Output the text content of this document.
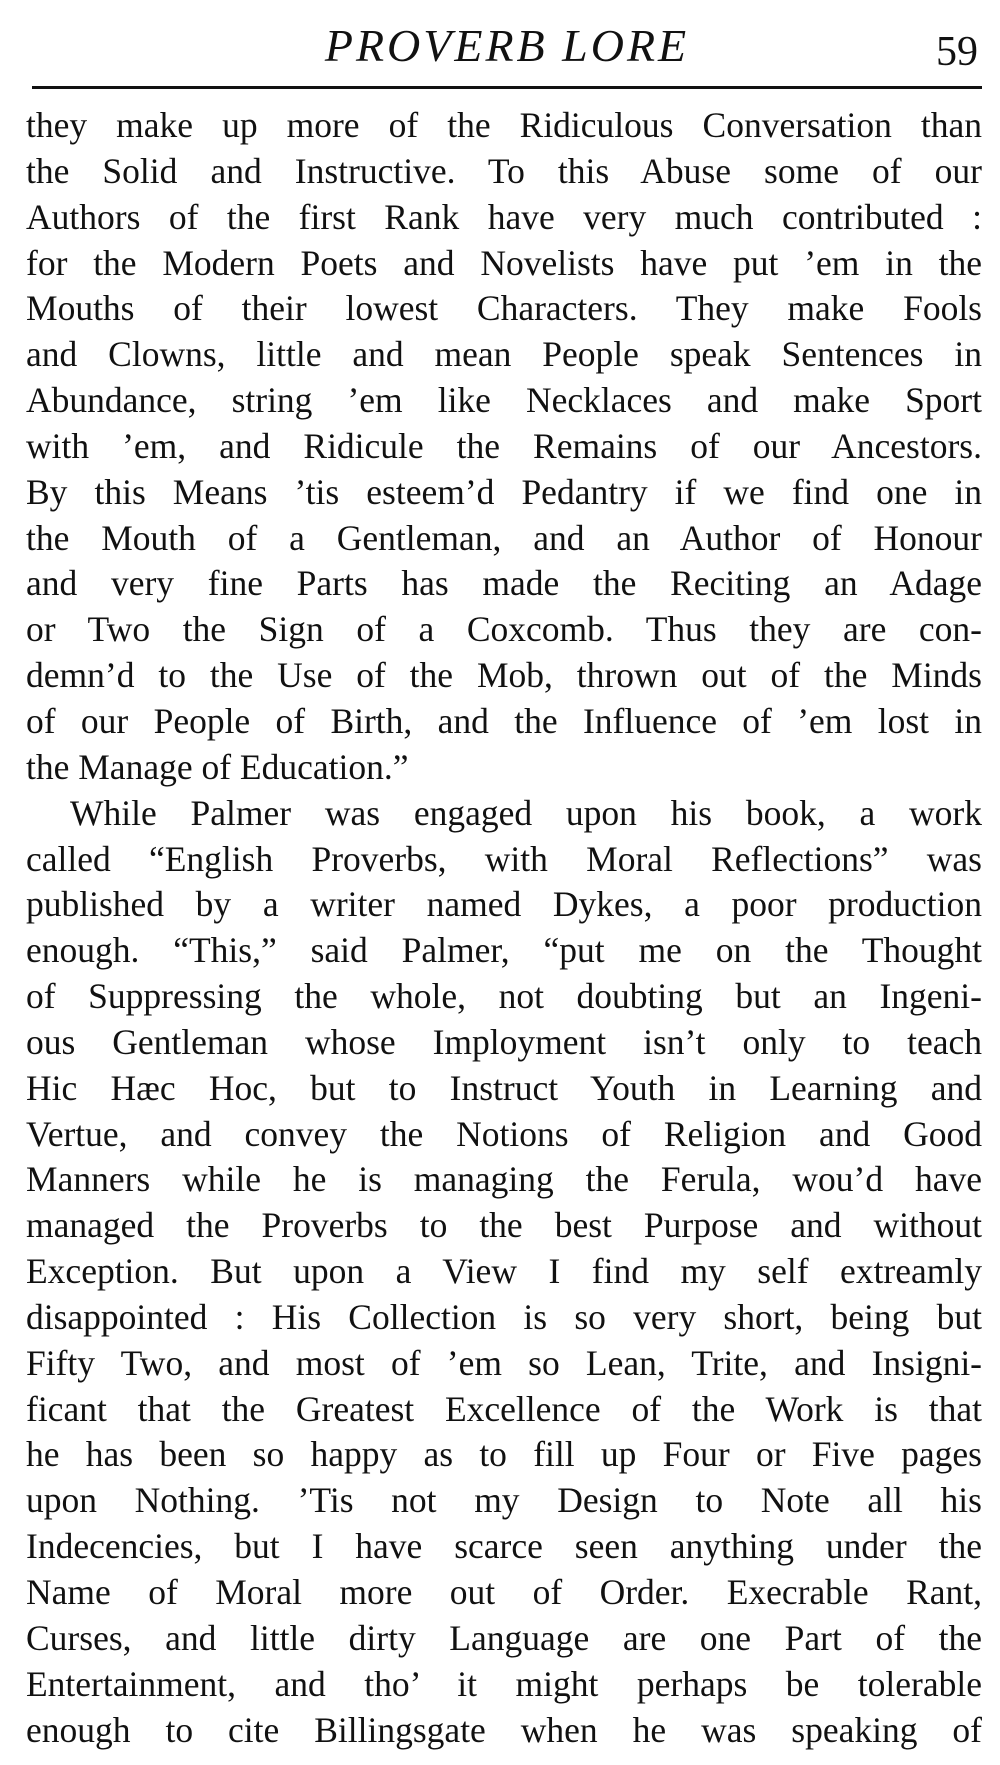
PROVERB LORE	59
they make up more of the Ridiculous Conversation than
the Solid and Instructive. To this Abuse some of our
Authors of the first Rank have very much contributed :
for the Modern Poets and Novelists have put ’em in the
Mouths of their lowest Characters. They make Fools
and Clowns, little and mean People speak Sentences in
Abundance, string ’em like Necklaces and make Sport
with ’em, and Ridicule the Remains of our Ancestors.
By this Means ’tis esteem’d Pedantry if we find one in
the Mouth of a Gentleman, and an Author of Honour
and very fine Parts has made the Reciting an Adage
or Two the Sign of a Coxcomb. Thus they are con-
demn’d to the Use of the Mob, thrown out of the Minds
of our People of Birth, and the Influence of ’em lost in
the Manage of Education.”
While Palmer was engaged upon his book, a work
called “English Proverbs, with Moral Reflections” was
published by a writer named Dykes, a poor production
enough. “This,” said Palmer, “put me on the Thought
of Suppressing the whole, not doubting but an Ingeni-
ous Gentleman whose Imployment isn’t only to teach
Hic Hæc Hoc, but to Instruct Youth in Learning and
Vertue, and convey the Notions of Religion and Good
Manners while he is managing the Ferula, wou’d have
managed the Proverbs to the best Purpose and without
Exception. But upon a View I find my self extreamly
disappointed : His Collection is so very short, being but
Fifty Two, and most of ’em so Lean, Trite, and Insigni-
ficant that the Greatest Excellence of the Work is that
he has been so happy as to fill up Four or Five pages
upon Nothing. ’Tis not my Design to Note all his
Indecencies, but I have scarce seen anything under the
Name of Moral more out of Order. Execrable Rant,
Curses, and little dirty Language are one Part of the
Entertainment, and tho’ it might perhaps be tolerable
enough to cite Billingsgate when he was speaking of
